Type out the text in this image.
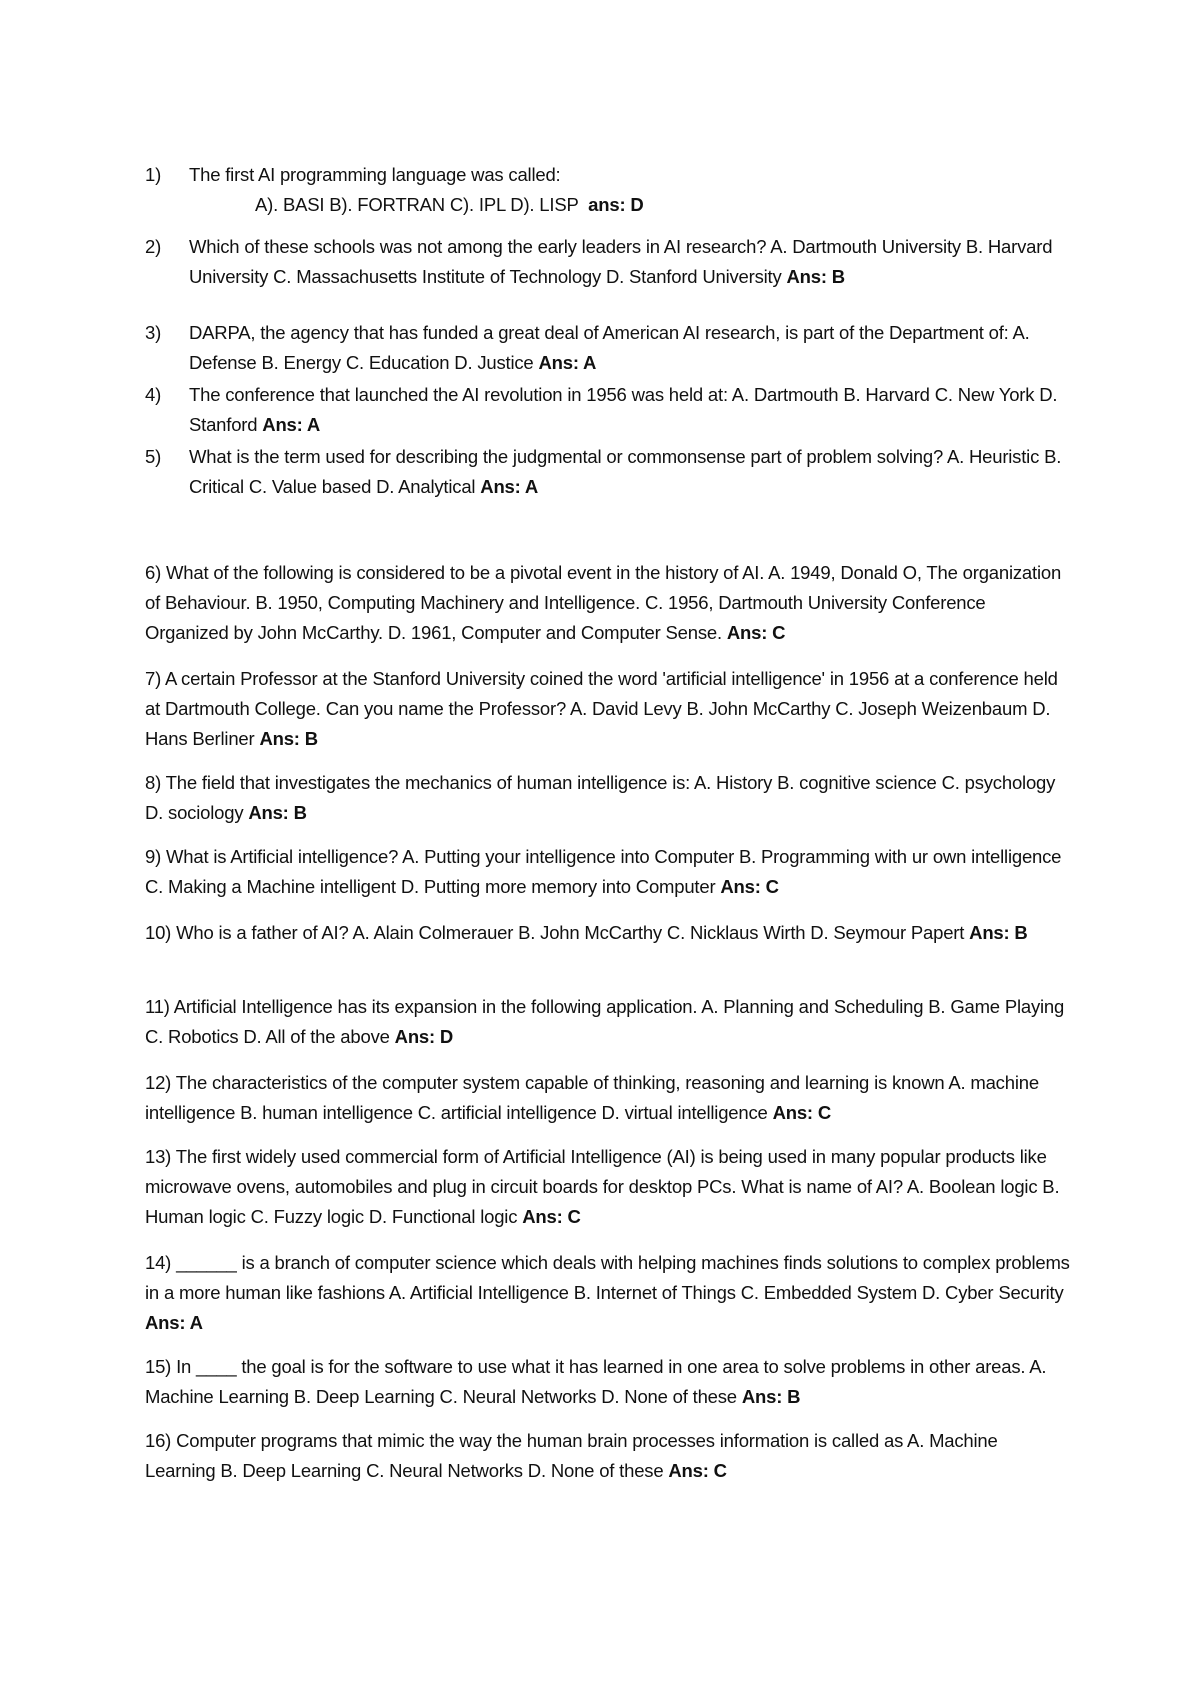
1) The first AI programming language was called:
A). BASI B). FORTRAN C). IPL D). LISP ans: D
2) Which of these schools was not among the early leaders in AI research? A. Dartmouth University B. Harvard University C. Massachusetts Institute of Technology D. Stanford University Ans: B
3) DARPA, the agency that has funded a great deal of American AI research, is part of the Department of: A. Defense B. Energy C. Education D. Justice Ans: A
4) The conference that launched the AI revolution in 1956 was held at: A. Dartmouth B. Harvard C. New York D. Stanford Ans: A
5) What is the term used for describing the judgmental or commonsense part of problem solving? A. Heuristic B. Critical C. Value based D. Analytical Ans: A
6) What of the following is considered to be a pivotal event in the history of AI. A. 1949, Donald O, The organization of Behaviour. B. 1950, Computing Machinery and Intelligence. C. 1956, Dartmouth University Conference Organized by John McCarthy. D. 1961, Computer and Computer Sense. Ans: C
7) A certain Professor at the Stanford University coined the word 'artificial intelligence' in 1956 at a conference held at Dartmouth College. Can you name the Professor? A. David Levy B. John McCarthy C. Joseph Weizenbaum D. Hans Berliner Ans: B
8) The field that investigates the mechanics of human intelligence is: A. History B. cognitive science C. psychology D. sociology Ans: B
9) What is Artificial intelligence? A. Putting your intelligence into Computer B. Programming with ur own intelligence C. Making a Machine intelligent D. Putting more memory into Computer Ans: C
10) Who is a father of AI? A. Alain Colmerauer B. John McCarthy C. Nicklaus Wirth D. Seymour Papert Ans: B
11) Artificial Intelligence has its expansion in the following application. A. Planning and Scheduling B. Game Playing C. Robotics D. All of the above Ans: D
12) The characteristics of the computer system capable of thinking, reasoning and learning is known A. machine intelligence B. human intelligence C. artificial intelligence D. virtual intelligence Ans: C
13) The first widely used commercial form of Artificial Intelligence (AI) is being used in many popular products like microwave ovens, automobiles and plug in circuit boards for desktop PCs. What is name of AI? A. Boolean logic B. Human logic C. Fuzzy logic D. Functional logic Ans: C
14) ______ is a branch of computer science which deals with helping machines finds solutions to complex problems in a more human like fashions A. Artificial Intelligence B. Internet of Things C. Embedded System D. Cyber Security Ans: A
15) In ____ the goal is for the software to use what it has learned in one area to solve problems in other areas. A. Machine Learning B. Deep Learning C. Neural Networks D. None of these Ans: B
16) Computer programs that mimic the way the human brain processes information is called as A. Machine Learning B. Deep Learning C. Neural Networks D. None of these Ans: C
